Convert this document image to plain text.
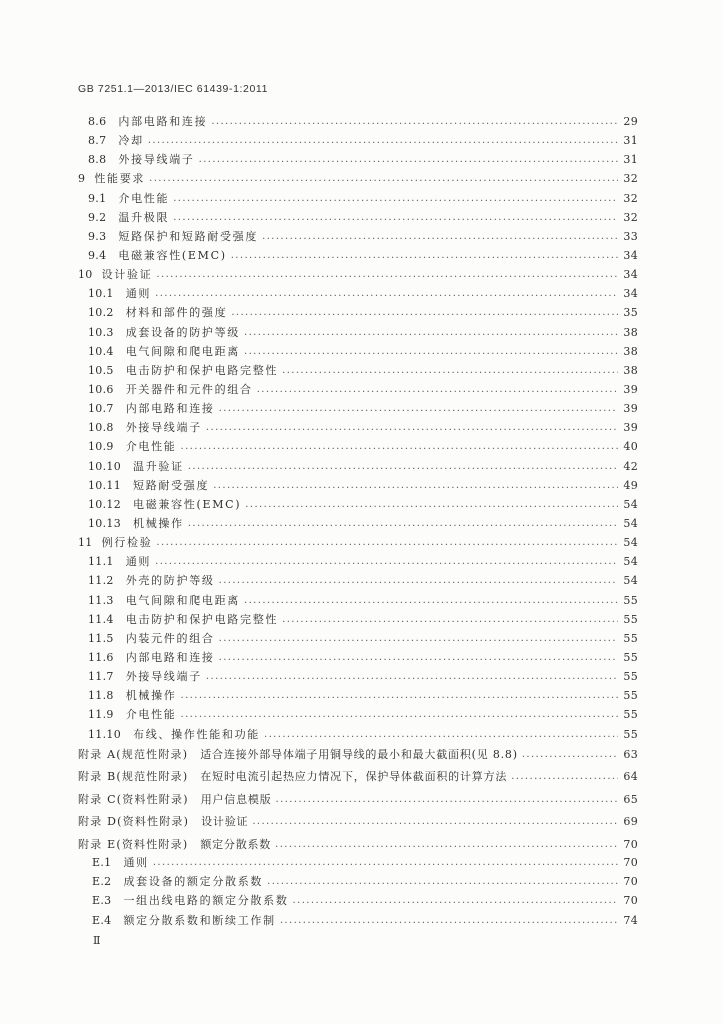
GB 7251.1—2013/IEC 61439-1:2011
8.6 内部电路和连接 .....	29
8.7 冷却 .....	31
8.8 外接导线端子 .....	31
9 性能要求 .....	32
9.1 介电性能 .....	32
9.2 温升极限 .....	32
9.3 短路保护和短路耐受强度 .....	33
9.4 电磁兼容性(EMC) .....	34
10 设计验证 .....	34
10.1 通则 .....	34
10.2 材料和部件的强度 .....	35
10.3 成套设备的防护等级 .....	38
10.4 电气间隙和爬电距离 .....	38
10.5 电击防护和保护电路完整性 .....	38
10.6 开关器件和元件的组合 .....	39
10.7 内部电路和连接 .....	39
10.8 外接导线端子 .....	39
10.9 介电性能 .....	40
10.10 温升验证 .....	42
10.11 短路耐受强度 .....	49
10.12 电磁兼容性(EMC) .....	54
10.13 机械操作 .....	54
11 例行检验 .....	54
11.1 通则 .....	54
11.2 外壳的防护等级 .....	54
11.3 电气间隙和爬电距离 .....	55
11.4 电击防护和保护电路完整性 .....	55
11.5 内装元件的组合 .....	55
11.6 内部电路和连接 .....	55
11.7 外接导线端子 .....	55
11.8 机械操作 .....	55
11.9 介电性能 .....	55
11.10 布线、操作性能和功能 .....	55
附录 A (规范性附录) 适合连接外部导体端子用铜导线的最小和最大截面积(见 8.8) .....	63
附录 B (规范性附录) 在短时电流引起热应力情况下，保护导体截面积的计算方法 .....	64
附录 C (资料性附录) 用户信息模版 .....	65
附录 D (资料性附录) 设计验证 .....	69
附录 E (资料性附录) 额定分散系数 .....	70
E.1 通则 .....	70
E.2 成套设备的额定分散系数 .....	70
E.3 一组出线电路的额定分散系数 .....	70
E.4 额定分散系数和断续工作制 .....	74
Ⅱ
